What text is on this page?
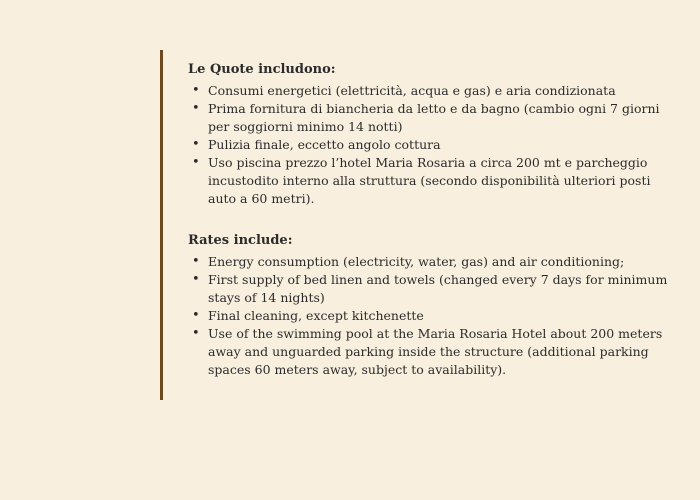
Le Quote includono:

• Consumi energetici (elettricità, acqua e gas) e aria condizionata
• Prima fornitura di biancheria da letto e da bagno (cambio ogni 7 giorni per soggiorni minimo 14 notti)
• Pulizia finale, eccetto angolo cottura
• Uso piscina prezzo l’hotel Maria Rosaria a circa 200 mt e parcheggio incustodito interno alla struttura (secondo disponibilità ulteriori posti auto a 60 metri).

Rates include:

• Energy consumption (electricity, water, gas) and air conditioning;
• First supply of bed linen and towels (changed every 7 days for minimum stays of 14 nights)
• Final cleaning, except kitchenette
• Use of the swimming pool at the Maria Rosaria Hotel about 200 meters away and unguarded parking inside the structure (additional parking spaces 60 meters away, subject to availability).
